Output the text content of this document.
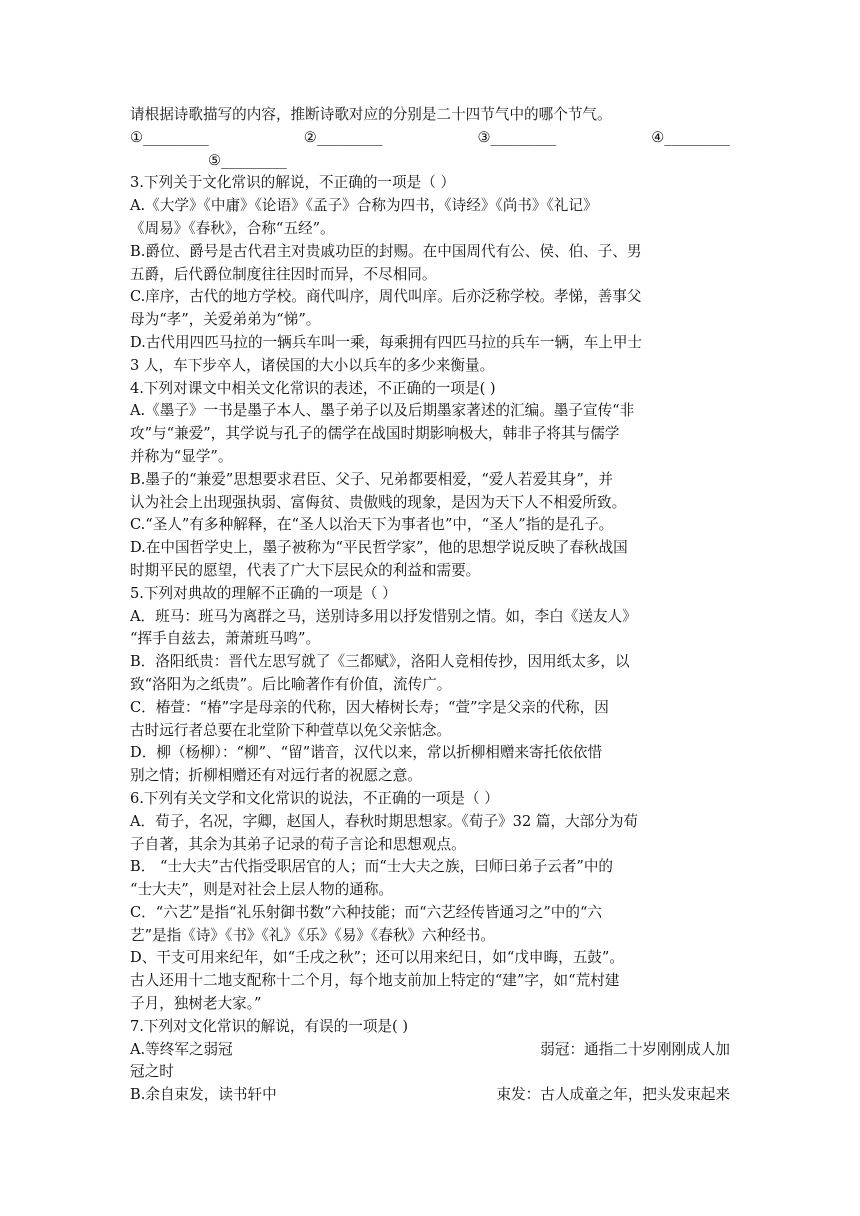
请根据诗歌描写的内容，推断诗歌对应的分别是二十四节气中的哪个节气。
①_________	②_________	③_________	④_________
⑤_________
3.下列关于文化常识的解说，不正确的一项是（ ）
A.《大学》《中庸》《论语》《孟子》合称为四书，《诗经》《尚书》《礼记》
《周易》《春秋》，合称“五经”。
B.爵位、爵号是古代君主对贵戚功臣的封赐。在中国周代有公、侯、伯、子、男
五爵，后代爵位制度往往因时而异，不尽相同。
C.庠序，古代的地方学校。商代叫序，周代叫庠。后亦泛称学校。孝悌，善事父
母为“孝”，关爱弟弟为“悌”。
D.古代用四匹马拉的一辆兵车叫一乘，每乘拥有四匹马拉的兵车一辆，车上甲士
3 人，车下步卒人，诸侯国的大小以兵车的多少来衡量。
4.下列对课文中相关文化常识的表述，不正确的一项是( )
A.《墨子》一书是墨子本人、墨子弟子以及后期墨家著述的汇编。墨子宣传“非
攻”与“兼爱”，其学说与孔子的儒学在战国时期影响极大，韩非子将其与儒学
并称为“显学”。
B.墨子的“兼爱”思想要求君臣、父子、兄弟都要相爱，“爱人若爱其身”，并
认为社会上出现强执弱、富侮贫、贵傲贱的现象，是因为天下人不相爱所致。
C.“圣人”有多种解释，在“圣人以治天下为事者也”中，“圣人”指的是孔子。
D.在中国哲学史上，墨子被称为“平民哲学家”，他的思想学说反映了春秋战国
时期平民的愿望，代表了广大下层民众的利益和需要。
5.下列对典故的理解不正确的一项是（ ）
A．班马：班马为离群之马，送别诗多用以抒发惜别之情。如，李白《送友人》
“挥手自兹去，萧萧班马鸣”。
B．洛阳纸贵：晋代左思写就了《三都赋》，洛阳人竞相传抄，因用纸太多，以
致“洛阳为之纸贵”。后比喻著作有价值，流传广。
C．椿萱：“椿”字是母亲的代称，因大椿树长寿；“萱”字是父亲的代称，因
古时远行者总要在北堂阶下种萱草以免父亲惦念。
D．柳（杨柳）：“柳”、“留”谐音，汉代以来，常以折柳相赠来寄托依依惜
别之情；折柳相赠还有对远行者的祝愿之意。
6.下列有关文学和文化常识的说法，不正确的一项是（ ）
A．荀子，名况，字卿，赵国人，春秋时期思想家。《荀子》32 篇，大部分为荀
子自著，其余为其弟子记录的荀子言论和思想观点。
B． “士大夫”古代指受职居官的人；而“士大夫之族，曰师曰弟子云者”中的
“士大夫”，则是对社会上层人物的通称。
C．“六艺”是指“礼乐射御书数”六种技能；而“六艺经传皆通习之”中的“六
艺”是指《诗》《书》《礼》《乐》《易》《春秋》六种经书。
D、干支可用来纪年，如“壬戌之秋”；还可以用来纪日，如“戊申晦，五鼓”。
古人还用十二地支配称十二个月，每个地支前加上特定的“建”字，如“荒村建
子月，独树老大家。”
7.下列对文化常识的解说，有误的一项是( )
A.等终军之弱冠	弱冠：通指二十岁刚刚成人加
冠之时
B.余自束发，读书轩中	束发：古人成童之年，把头发束起来
